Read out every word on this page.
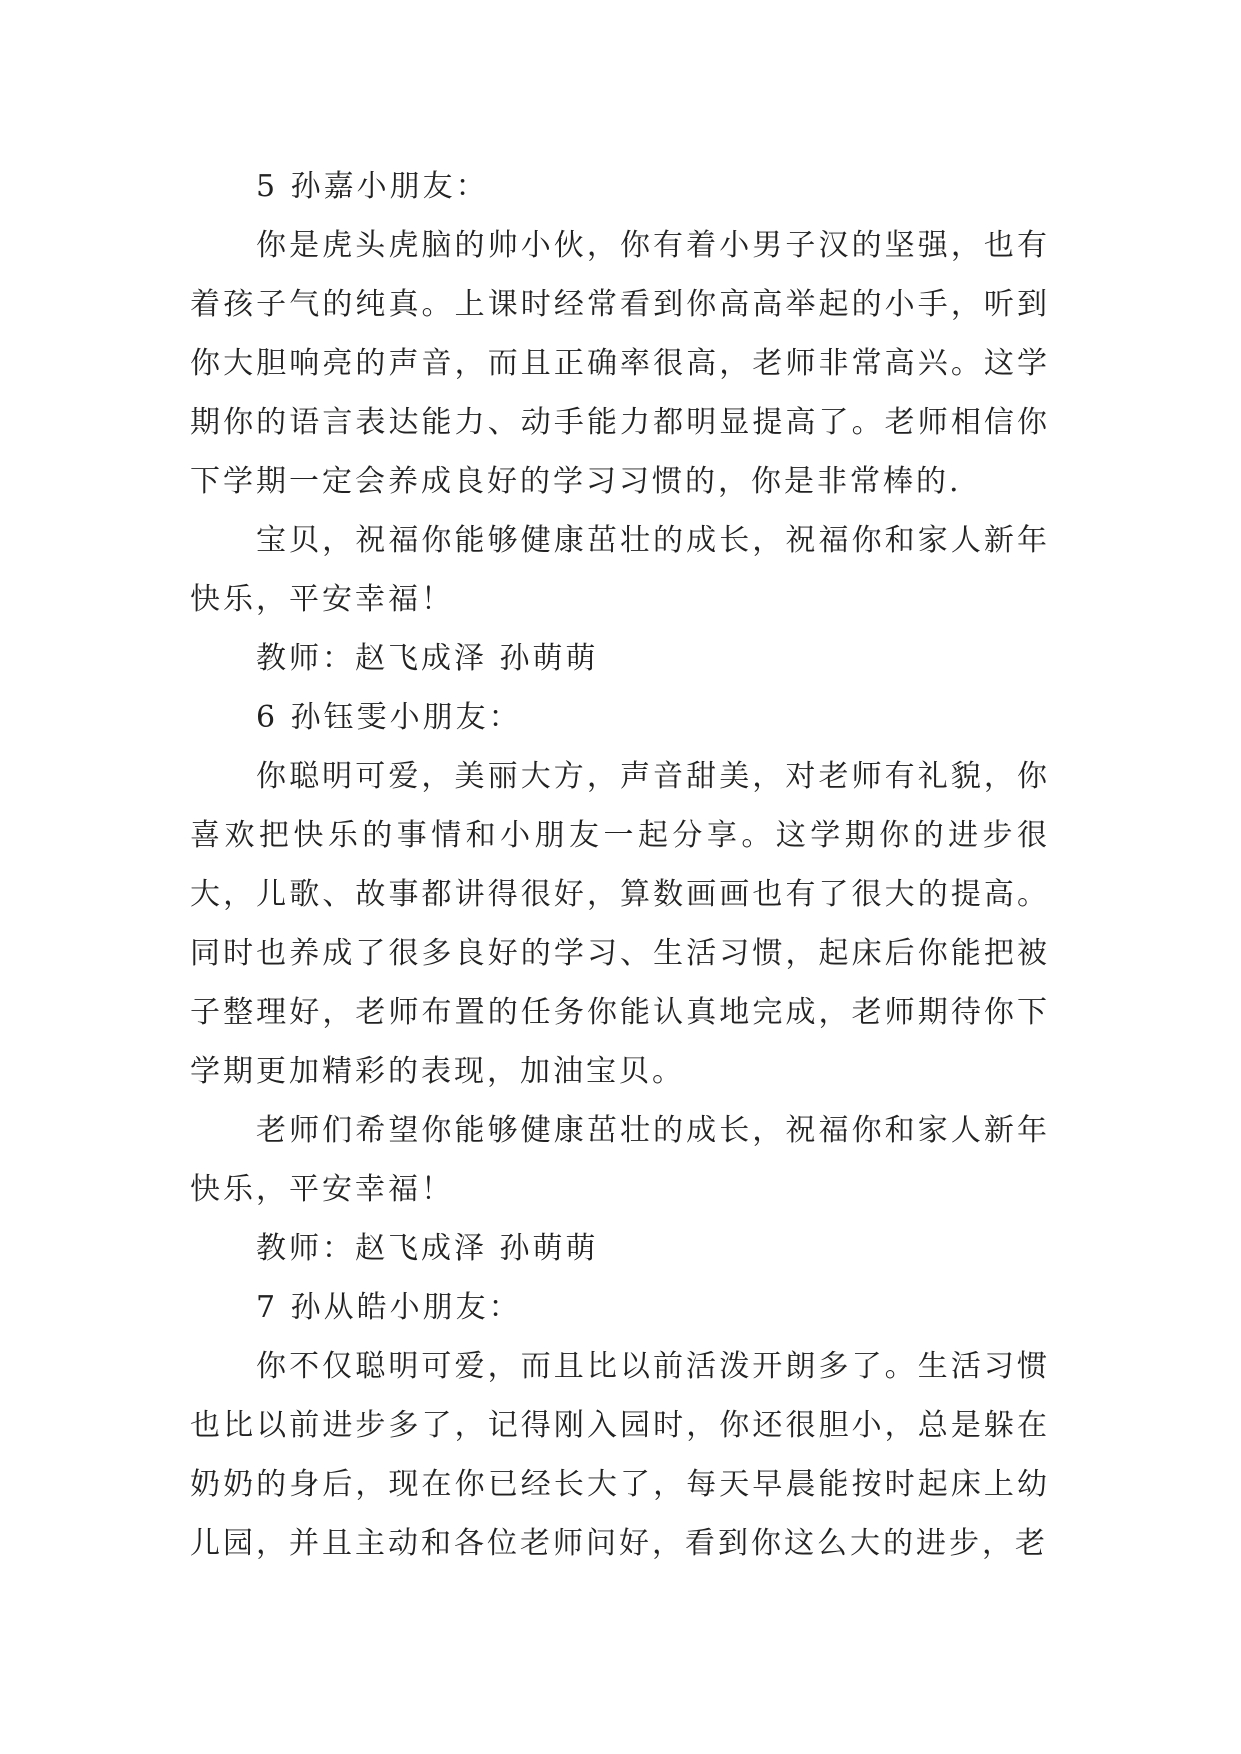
5 孙嘉小朋友：

你是虎头虎脑的帅小伙，你有着小男子汉的坚强，也有着孩子气的纯真。上课时经常看到你高高举起的小手，听到你大胆响亮的声音，而且正确率很高，老师非常高兴。这学期你的语言表达能力、动手能力都明显提高了。老师相信你下学期一定会养成良好的学习习惯的，你是非常棒的.

宝贝，祝福你能够健康茁壮的成长，祝福你和家人新年快乐，平安幸福！

教师：赵飞成泽 孙萌萌

6 孙钰雯小朋友：

你聪明可爱，美丽大方，声音甜美，对老师有礼貌，你喜欢把快乐的事情和小朋友一起分享。这学期你的进步很大，儿歌、故事都讲得很好，算数画画也有了很大的提高。同时也养成了很多良好的学习、生活习惯，起床后你能把被子整理好，老师布置的任务你能认真地完成，老师期待你下学期更加精彩的表现，加油宝贝。

老师们希望你能够健康茁壮的成长，祝福你和家人新年快乐，平安幸福！

教师：赵飞成泽 孙萌萌

7 孙从皓小朋友：

你不仅聪明可爱，而且比以前活泼开朗多了。生活习惯也比以前进步多了，记得刚入园时，你还很胆小，总是躲在奶奶的身后，现在你已经长大了，每天早晨能按时起床上幼儿园，并且主动和各位老师问好，看到你这么大的进步，老
